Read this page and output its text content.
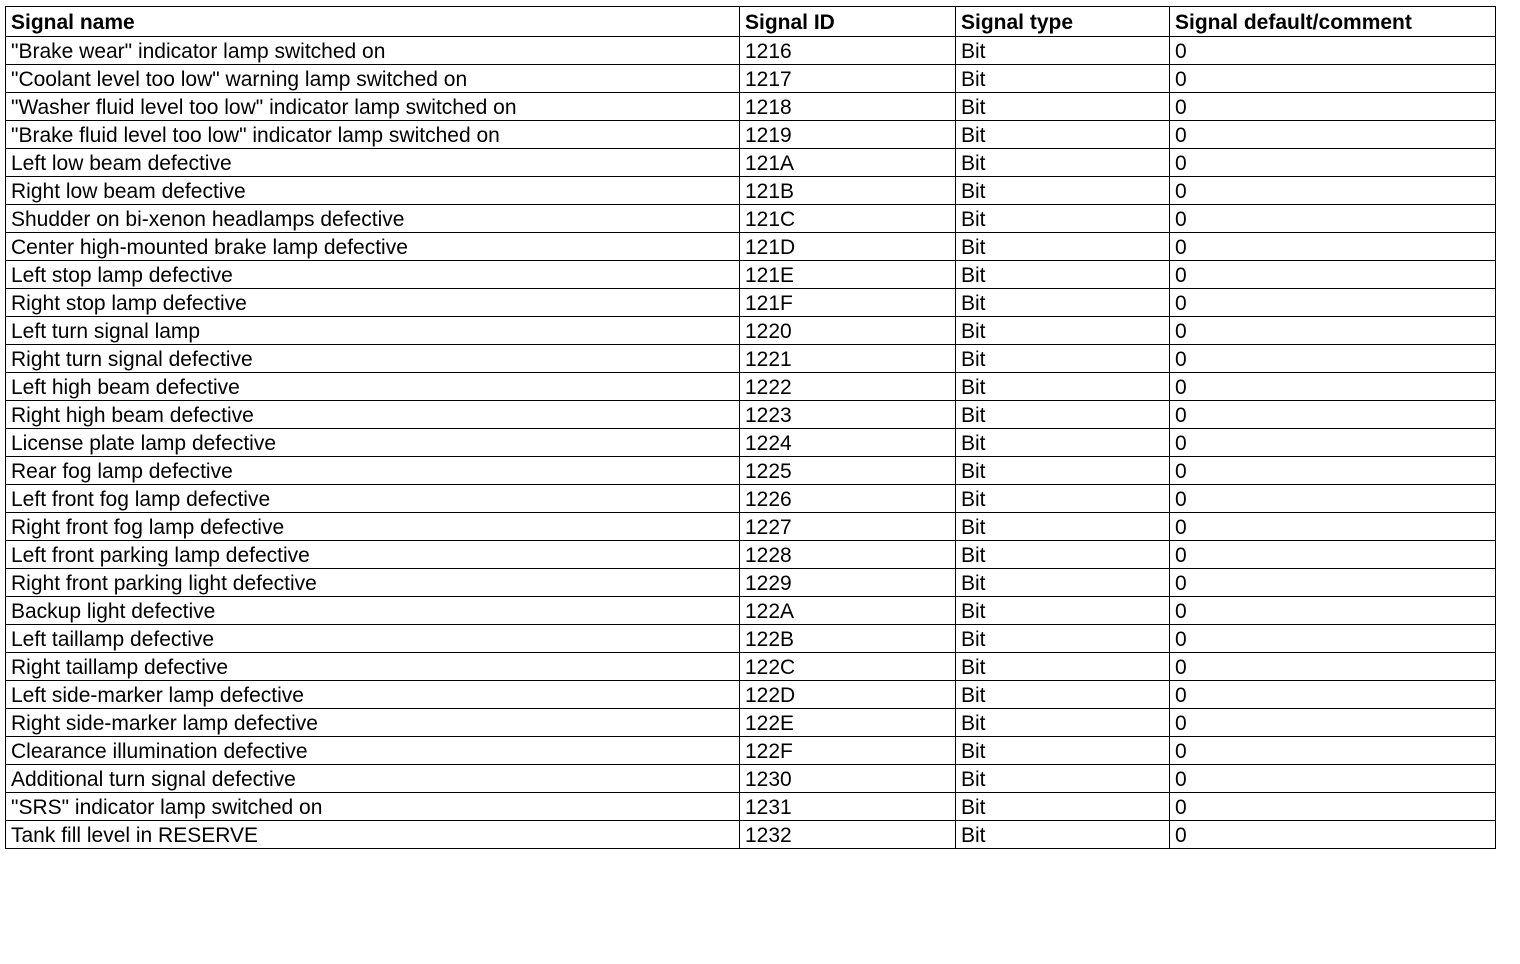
Signal name	Signal ID	Signal type	Signal default/comment
"Brake wear" indicator lamp switched on	1216	Bit	0
"Coolant level too low" warning lamp switched on	1217	Bit	0
"Washer fluid level too low" indicator lamp switched on	1218	Bit	0
"Brake fluid level too low" indicator lamp switched on	1219	Bit	0
Left low beam defective	121A	Bit	0
Right low beam defective	121B	Bit	0
Shudder on bi-xenon headlamps defective	121C	Bit	0
Center high-mounted brake lamp defective	121D	Bit	0
Left stop lamp defective	121E	Bit	0
Right stop lamp defective	121F	Bit	0
Left turn signal lamp	1220	Bit	0
Right turn signal defective	1221	Bit	0
Left high beam defective	1222	Bit	0
Right high beam defective	1223	Bit	0
License plate lamp defective	1224	Bit	0
Rear fog lamp defective	1225	Bit	0
Left front fog lamp defective	1226	Bit	0
Right front fog lamp defective	1227	Bit	0
Left front parking lamp defective	1228	Bit	0
Right front parking light defective	1229	Bit	0
Backup light defective	122A	Bit	0
Left taillamp defective	122B	Bit	0
Right taillamp defective	122C	Bit	0
Left side-marker lamp defective	122D	Bit	0
Right side-marker lamp defective	122E	Bit	0
Clearance illumination defective	122F	Bit	0
Additional turn signal defective	1230	Bit	0
"SRS" indicator lamp switched on	1231	Bit	0
Tank fill level in RESERVE	1232	Bit	0
